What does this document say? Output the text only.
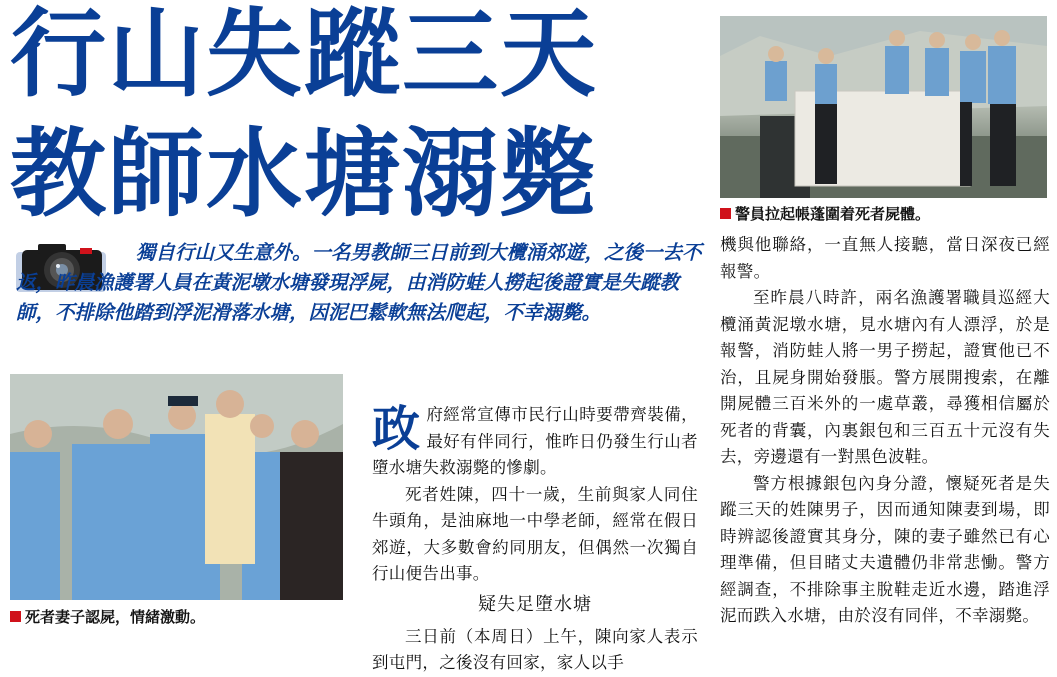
行山失蹤三天
教師水塘溺斃	警員拉起帳蓬圍着死者屍體。

獨自行山又生意外。一名男教師三日前到大欖涌郊遊，之後一去不返，昨晨漁護署人員在黃泥墩水塘發現浮屍，由消防蛙人撈起後證實是失蹤教師，不排除他踏到浮泥滑落水塘，因泥巴鬆軟無法爬起，不幸溺斃。

死者妻子認屍，情緒激動。

政府經常宣傳市民行山時要帶齊裝備，最好有伴同行，惟昨日仍發生行山者墮水塘失救溺斃的慘劇。

死者姓陳，四十一歲，生前與家人同住牛頭角，是油麻地一中學老師，經常在假日郊遊，大多數會約同朋友，但偶然一次獨自行山便告出事。

疑失足墮水塘

三日前（本周日）上午，陳向家人表示到屯門，之後沒有回家，家人以手

機與他聯絡，一直無人接聽，當日深夜已經報警。

至昨晨八時許，兩名漁護署職員巡經大欖涌黃泥墩水塘，見水塘內有人漂浮，於是報警，消防蛙人將一男子撈起，證實他已不治，且屍身開始發脹。警方展開搜索，在離開屍體三百米外的一處草叢，尋獲相信屬於死者的背囊，內裏銀包和三百五十元沒有失去，旁邊還有一對黑色波鞋。

警方根據銀包內身分證，懷疑死者是失蹤三天的姓陳男子，因而通知陳妻到場，即時辨認後證實其身分，陳的妻子雖然已有心理準備，但目睹丈夫遺體仍非常悲慟。警方經調查，不排除事主脫鞋走近水邊，踏進浮泥而跌入水塘，由於沒有同伴，不幸溺斃。
